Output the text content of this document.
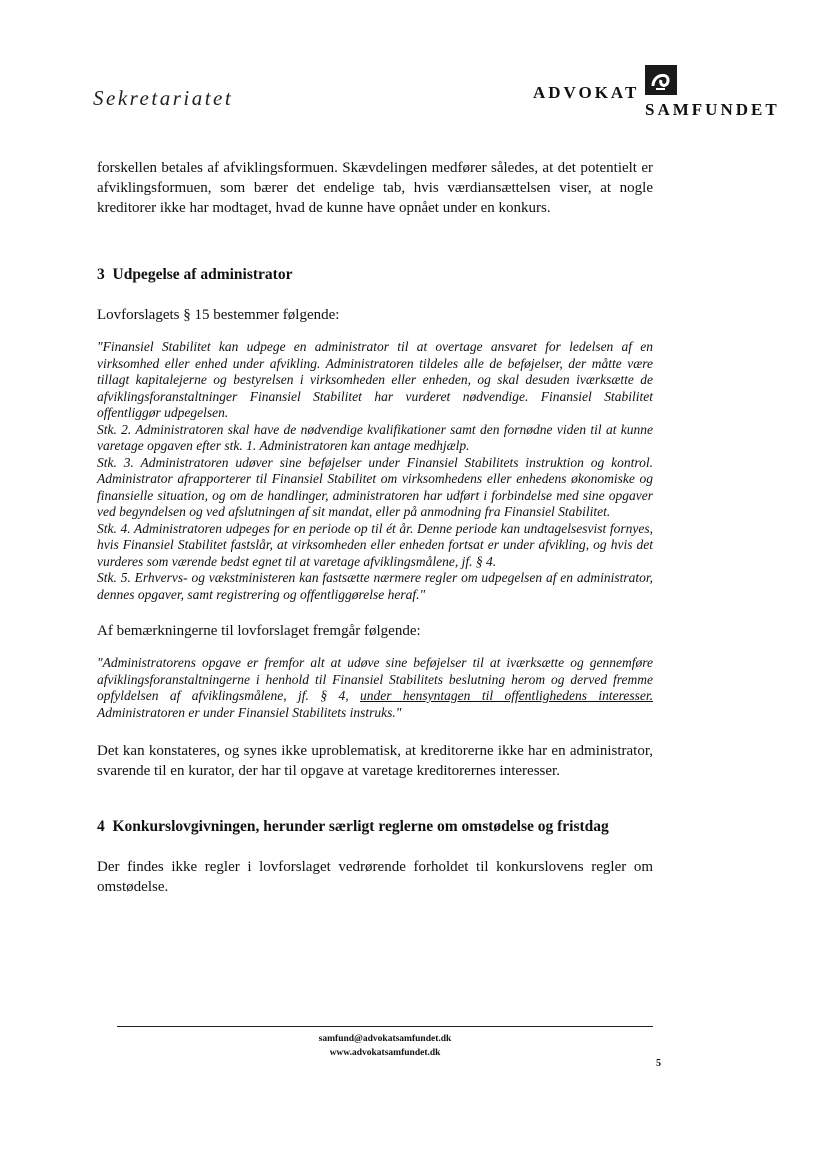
Sekretariatet	ADVOKAT
SAMFUNDET

forskellen betales af afviklingsformuen. Skævdelingen medfører således, at det potentielt er afviklingsformuen, som bærer det endelige tab, hvis værdiansættelsen viser, at nogle kreditorer ikke har modtaget, hvad de kunne have opnået under en konkurs.

3 Udpegelse af administrator

Lovforslagets § 15 bestemmer følgende:

"Finansiel Stabilitet kan udpege en administrator til at overtage ansvaret for ledelsen af en virksomhed eller enhed under afvikling. Administratoren tildeles alle de beføjelser, der måtte være tillagt kapitalejerne og bestyrelsen i virksomheden eller enheden, og skal desuden iværksætte de afviklingsforanstaltninger Finansiel Stabilitet har vurderet nødvendige. Finansiel Stabilitet offentliggør udpegelsen.
Stk. 2. Administratoren skal have de nødvendige kvalifikationer samt den fornødne viden til at kunne varetage opgaven efter stk. 1. Administratoren kan antage medhjælp.
Stk. 3. Administratoren udøver sine beføjelser under Finansiel Stabilitets instruktion og kontrol. Administrator afrapporterer til Finansiel Stabilitet om virksomhedens eller enhedens økonomiske og finansielle situation, og om de handlinger, administratoren har udført i forbindelse med sine opgaver ved begyndelsen og ved afslutningen af sit mandat, eller på anmodning fra Finansiel Stabilitet.
Stk. 4. Administratoren udpeges for en periode op til ét år. Denne periode kan undtagelsesvist fornyes, hvis Finansiel Stabilitet fastslår, at virksomheden eller enheden fortsat er under afvikling, og hvis det vurderes som værende bedst egnet til at varetage afviklingsmålene, jf. § 4.
Stk. 5. Erhvervs- og vækstministeren kan fastsætte nærmere regler om udpegelsen af en administrator, dennes opgaver, samt registrering og offentliggørelse heraf."

Af bemærkningerne til lovforslaget fremgår følgende:

"Administratorens opgave er fremfor alt at udøve sine beføjelser til at iværksætte og gennemføre afviklingsforanstaltningerne i henhold til Finansiel Stabilitets beslutning herom og derved fremme opfyldelsen af afviklingsmålene, jf. § 4, under hensyntagen til offentlighedens interesser. Administratoren er under Finansiel Stabilitets instruks."

Det kan konstateres, og synes ikke uproblematisk, at kreditorerne ikke har en administrator, svarende til en kurator, der har til opgave at varetage kreditorernes interesser.

4 Konkurslovgivningen, herunder særligt reglerne om omstødelse og fristdag

Der findes ikke regler i lovforslaget vedrørende forholdet til konkurslovens regler om omstødelse.

samfund@advokatsamfundet.dk
www.advokatsamfundet.dk
5
